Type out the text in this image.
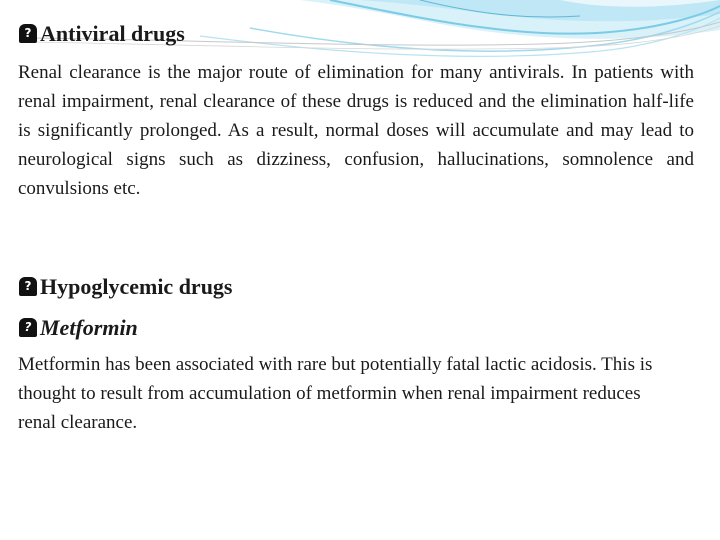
?Antiviral drugs

Renal clearance is the major route of elimination for many antivirals. In patients with renal impairment, renal clearance of these drugs is reduced and the elimination half-life is significantly prolonged. As a result, normal doses will accumulate and may lead to neurological signs such as dizziness, confusion, hallucinations, somnolence and convulsions etc.

?Hypoglycemic drugs
?Metformin

Metformin has been associated with rare but potentially fatal lactic acidosis. This is thought to result from accumulation of metformin when renal impairment reduces renal clearance.
